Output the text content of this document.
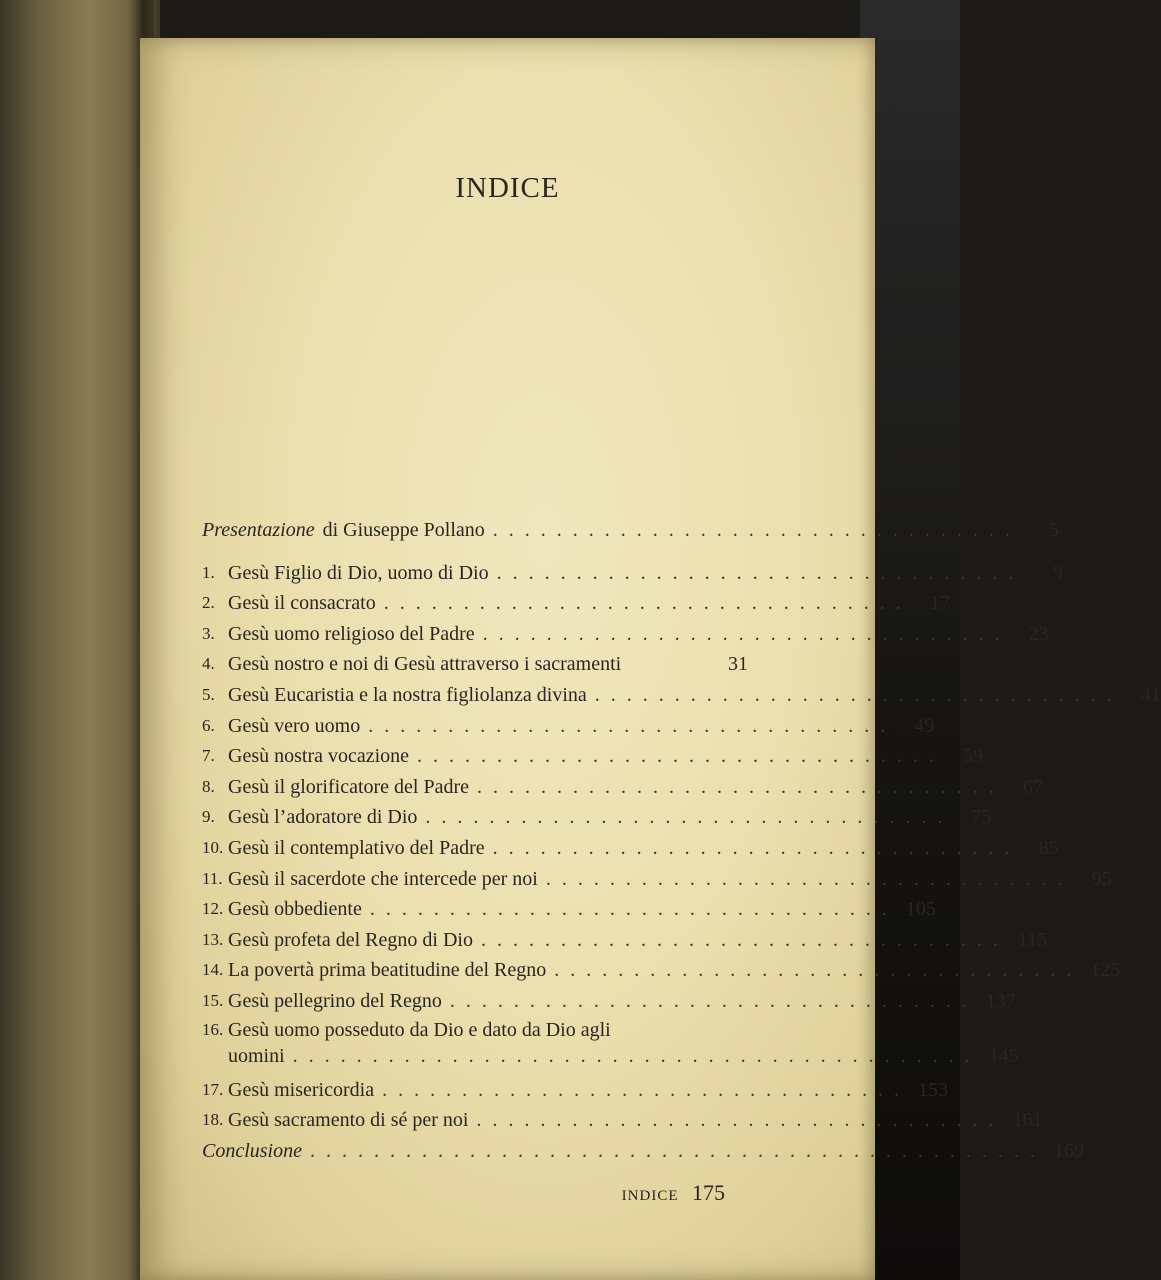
INDICE
Presentazione di Giuseppe Pollano . . . . . . . . . . . . . . . . . . . . . . . . . . . . . . . . .	5
1. Gesù Figlio di Dio, uomo di Dio . . . . . . . . . . . . . . . . . . . . . . . . . . . . . . . . .	9
2. Gesù il consacrato . . . . . . . . . . . . . . . . . . . . . . . . . . . . . . . . .	17
3. Gesù uomo religioso del Padre . . . . . . . . . . . . . . . . . . . . . . . . . . . . . . . . .	23
4. Gesù nostro e noi di Gesù attraverso i sacramenti	31
5. Gesù Eucaristia e la nostra figliolanza divina . . . . . . . . . . . . . . . . . . . . . . . . . . . . . . . . .	41
6. Gesù vero uomo . . . . . . . . . . . . . . . . . . . . . . . . . . . . . . . . .	49
7. Gesù nostra vocazione . . . . . . . . . . . . . . . . . . . . . . . . . . . . . . . . .	59
8. Gesù il glorificatore del Padre . . . . . . . . . . . . . . . . . . . . . . . . . . . . . . . . .	67
9. Gesù l’adoratore di Dio . . . . . . . . . . . . . . . . . . . . . . . . . . . . . . . . .	75
10. Gesù il contemplativo del Padre . . . . . . . . . . . . . . . . . . . . . . . . . . . . . . . . .	85
11. Gesù il sacerdote che intercede per noi . . . . . . . . . . . . . . . . . . . . . . . . . . . . . . . . .	95
12. Gesù obbediente . . . . . . . . . . . . . . . . . . . . . . . . . . . . . . . . . 105
13. Gesù profeta del Regno di Dio . . . . . . . . . . . . . . . . . . . . . . . . . . . . . . . . . 115
14. La povertà prima beatitudine del Regno . . . . . . . . . . . . . . . . . . . . . . . . . . . . . . . . . 125
15. Gesù pellegrino del Regno . . . . . . . . . . . . . . . . . . . . . . . . . . . . . . . . . 137
16. Gesù uomo posseduto da Dio e dato da Dio agli
uomini . . . . . . . . . . . . . . . . . . . . . . . . . . . . . . . . . . . . . . . . . . . 145
17. Gesù misericordia . . . . . . . . . . . . . . . . . . . . . . . . . . . . . . . . . 153
18. Gesù sacramento di sé per noi . . . . . . . . . . . . . . . . . . . . . . . . . . . . . . . . . 161
Conclusione . . . . . . . . . . . . . . . . . . . . . . . . . . . . . . . . . . . . . . . . . . . . . . 169
INDICE 175
